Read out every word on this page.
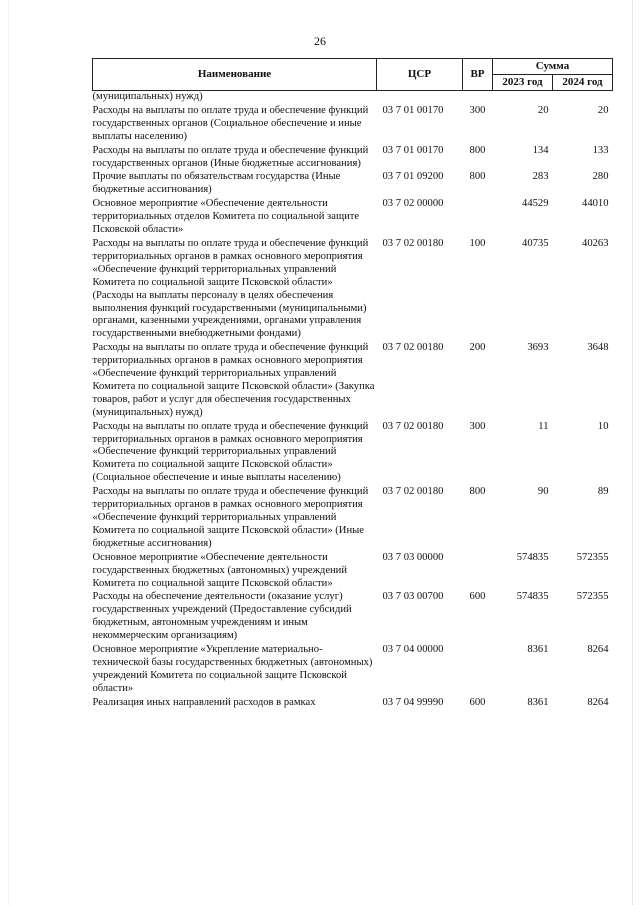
26
Наименование	ЦСР	ВР	Сумма	
			2023 год	2024 год
(муниципальных) нужд)				
Расходы на выплаты по оплате труда и обеспечение функций государственных органов (Социальное обеспечение и иные выплаты населению)	03 7 01 00170	300	20	20
Расходы на выплаты по оплате труда и обеспечение функций государственных органов (Иные бюджетные ассигнования)	03 7 01 00170	800	134	133
Прочие выплаты по обязательствам государства (Иные бюджетные ассигнования)	03 7 01 09200	800	283	280
Основное мероприятие «Обеспечение деятельности территориальных отделов Комитета по социальной защите Псковской области»	03 7 02 00000		44529	44010
Расходы на выплаты по оплате труда и обеспечение функций территориальных органов в рамках основного мероприятия «Обеспечение функций территориальных управлений Комитета по социальной защите Псковской области» (Расходы на выплаты персоналу в целях обеспечения выполнения функций государственными (муниципальными) органами, казенными учреждениями, органами управления государственными внебюджетными фондами)	03 7 02 00180	100	40735	40263
Расходы на выплаты по оплате труда и обеспечение функций территориальных органов в рамках основного мероприятия «Обеспечение функций территориальных управлений Комитета по социальной защите Псковской области» (Закупка товаров, работ и услуг для обеспечения государственных (муниципальных) нужд)	03 7 02 00180	200	3693	3648
Расходы на выплаты по оплате труда и обеспечение функций территориальных органов в рамках основного мероприятия «Обеспечение функций территориальных управлений Комитета по социальной защите Псковской области» (Социальное обеспечение и иные выплаты населению)	03 7 02 00180	300	11	10
Расходы на выплаты по оплате труда и обеспечение функций территориальных органов в рамках основного мероприятия «Обеспечение функций территориальных управлений Комитета по социальной защите Псковской области» (Иные бюджетные ассигнования)	03 7 02 00180	800	90	89
Основное мероприятие «Обеспечение деятельности государственных бюджетных (автономных) учреждений Комитета по социальной защите Псковской области»	03 7 03 00000		574835	572355
Расходы на обеспечение деятельности (оказание услуг) государственных учреждений (Предоставление субсидий бюджетным, автономным учреждениям и иным некоммерческим организациям)	03 7 03 00700	600	574835	572355
Основное мероприятие «Укрепление материально-технической базы государственных бюджетных (автономных) учреждений Комитета по социальной защите Псковской области»	03 7 04 00000		8361	8264
Реализация иных направлений расходов в рамках	03 7 04 99990	600	8361	8264
